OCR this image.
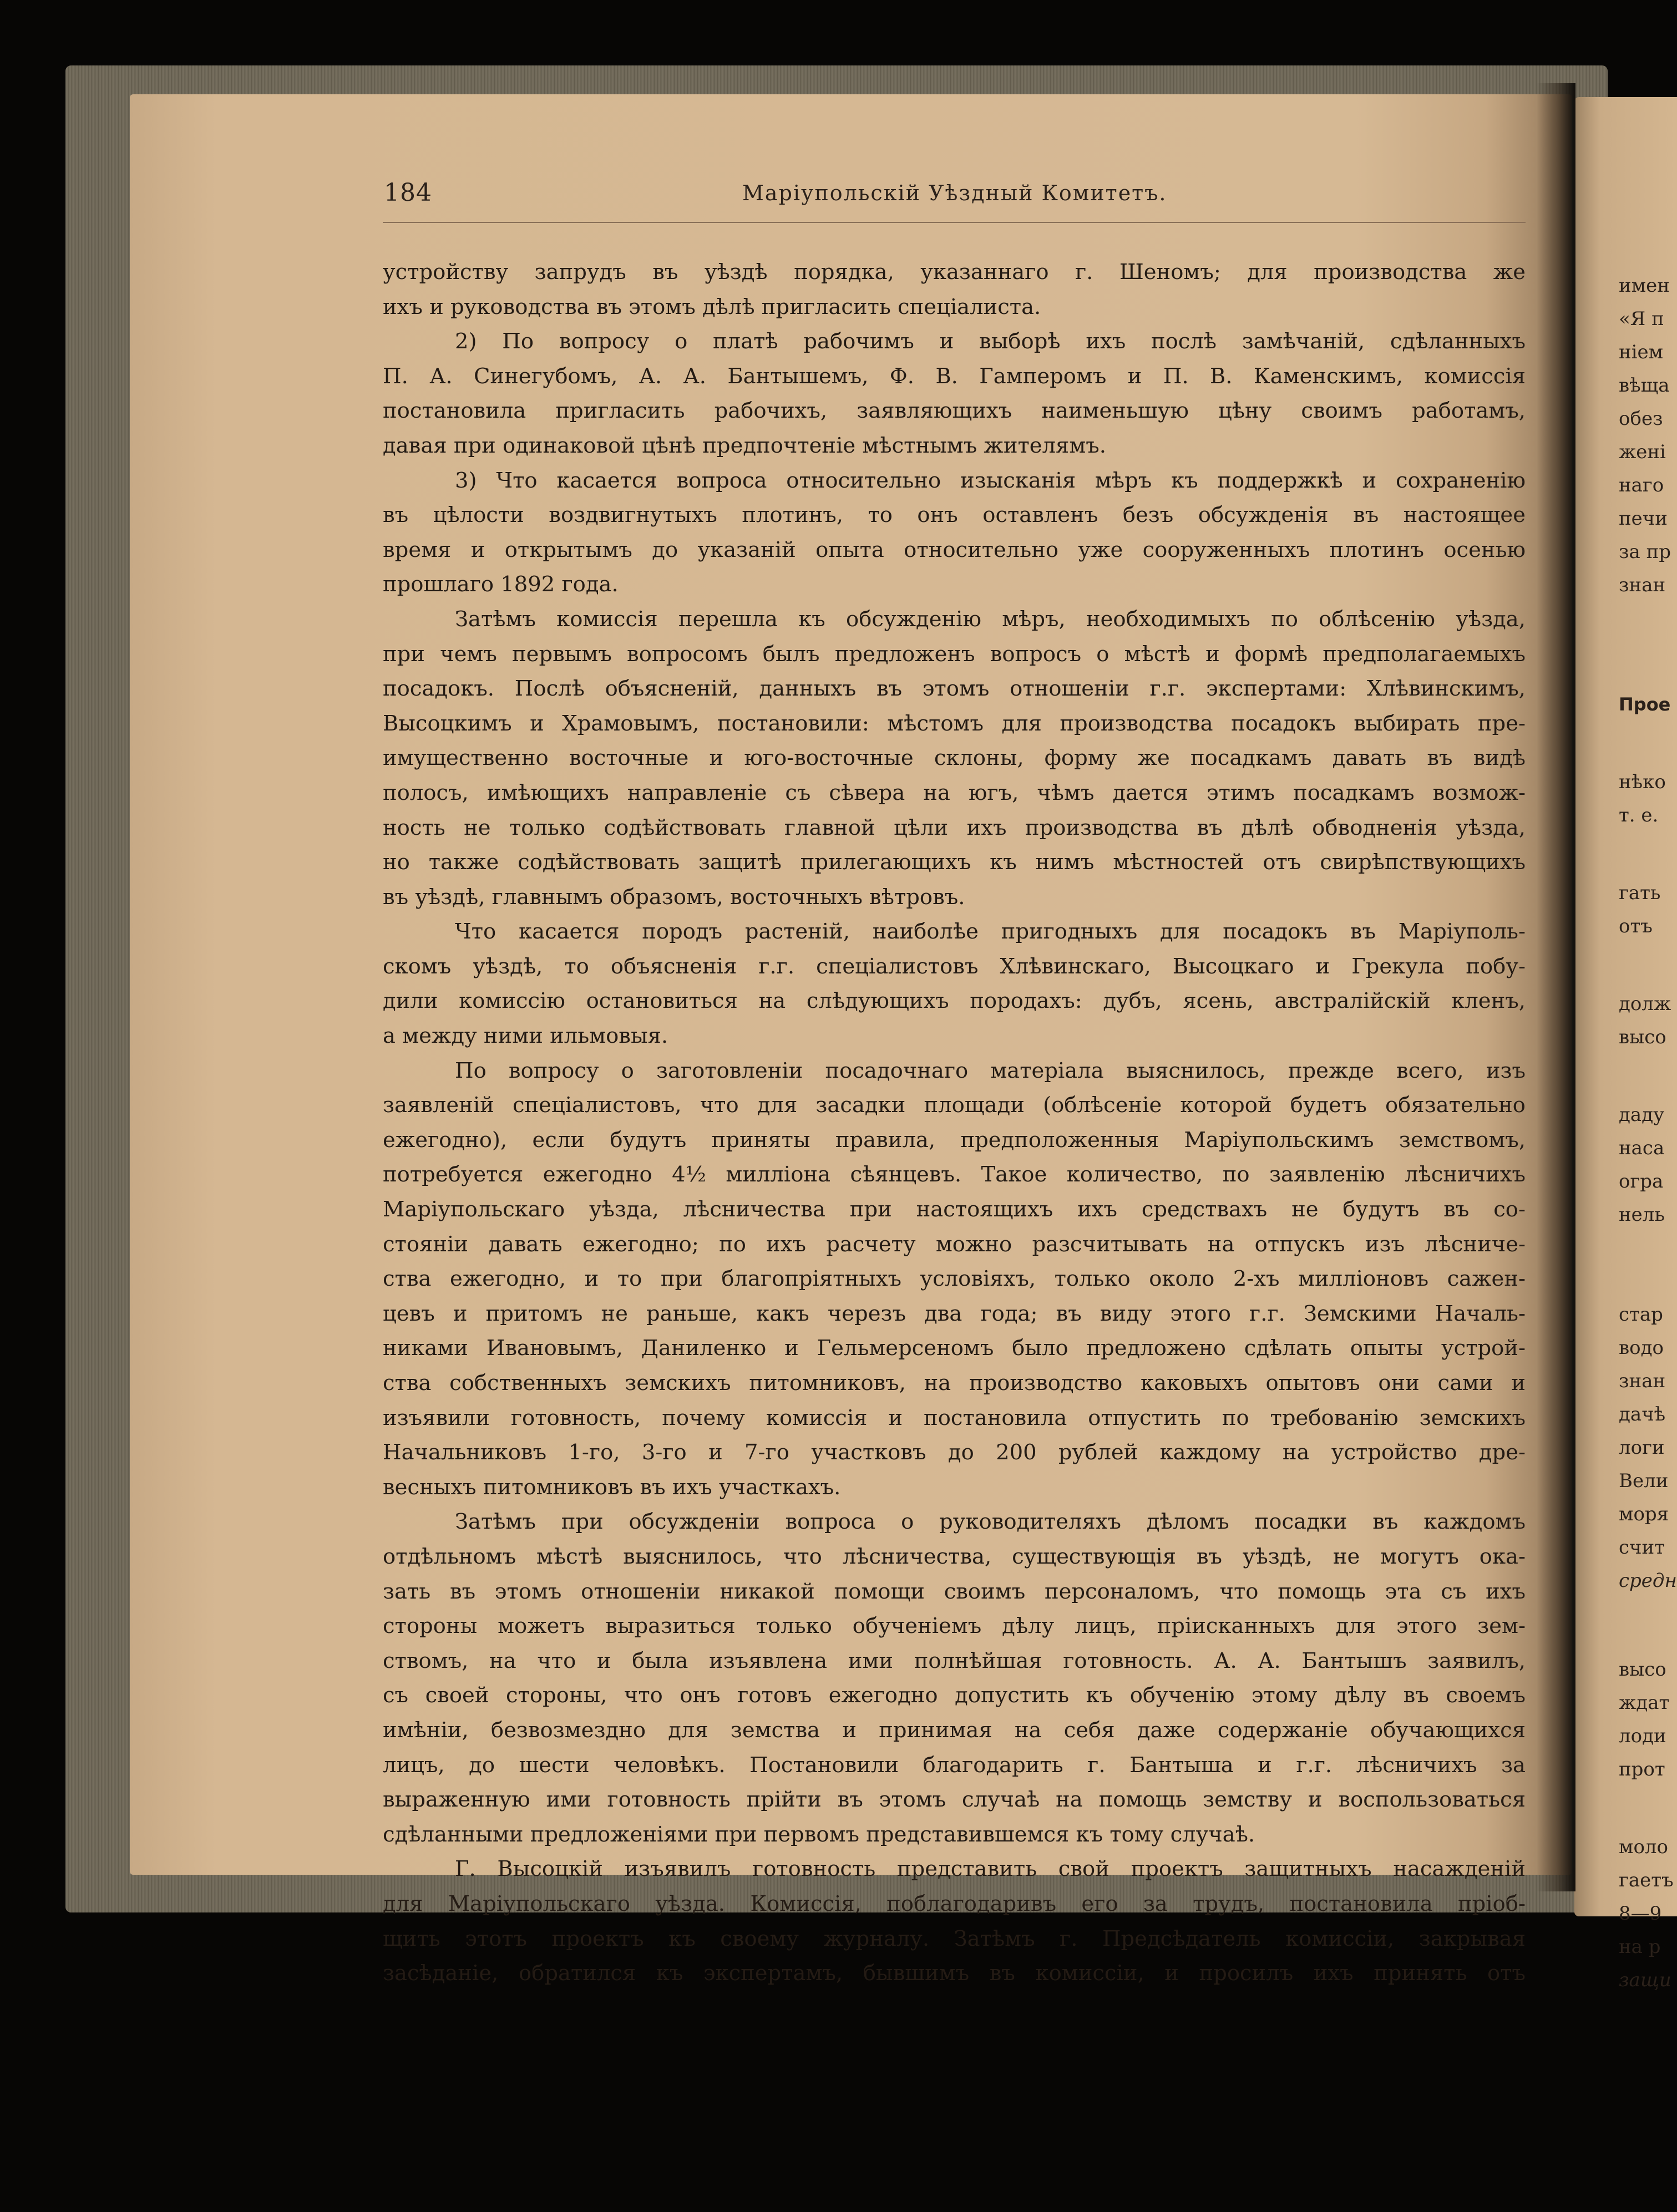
184	Маріупольскій Уѣздный Комитетъ.
устройству запрудъ въ уѣздѣ порядка, указаннаго г. Шеномъ; для производства же
ихъ и руководства въ этомъ дѣлѣ пригласить спеціалиста.
2) По вопросу о платѣ рабочимъ и выборѣ ихъ послѣ замѣчаній, сдѣланныхъ
П. А. Синегубомъ, А. А. Бантышемъ, Ф. В. Гамперомъ и П. В. Каменскимъ, комиссія
постановила пригласить рабочихъ, заявляющихъ наименьшую цѣну своимъ работамъ,
давая при одинаковой цѣнѣ предпочтеніе мѣстнымъ жителямъ.
3) Что касается вопроса относительно изысканія мѣръ къ поддержкѣ и сохраненію
въ цѣлости воздвигнутыхъ плотинъ, то онъ оставленъ безъ обсужденія въ настоящее
время и открытымъ до указаній опыта относительно уже сооруженныхъ плотинъ осенью
прошлаго 1892 года.
Затѣмъ комиссія перешла къ обсужденію мѣръ, необходимыхъ по облѣсенію уѣзда,
при чемъ первымъ вопросомъ былъ предложенъ вопросъ о мѣстѣ и формѣ предполагаемыхъ
посадокъ. Послѣ объясненій, данныхъ въ этомъ отношеніи г.г. экспертами: Хлѣвинскимъ,
Высоцкимъ и Храмовымъ, постановили: мѣстомъ для производства посадокъ выбирать пре-
имущественно восточные и юго-восточные склоны, форму же посадкамъ давать въ видѣ
полосъ, имѣющихъ направленіе съ сѣвера на югъ, чѣмъ дается этимъ посадкамъ возмож-
ность не только содѣйствовать главной цѣли ихъ производства въ дѣлѣ обводненія уѣзда,
но также содѣйствовать защитѣ прилегающихъ къ нимъ мѣстностей отъ свирѣпствующихъ
въ уѣздѣ, главнымъ образомъ, восточныхъ вѣтровъ.
Что касается породъ растеній, наиболѣе пригодныхъ для посадокъ въ Маріуполь-
скомъ уѣздѣ, то объясненія г.г. спеціалистовъ Хлѣвинскаго, Высоцкаго и Грекула побу-
дили комиссію остановиться на слѣдующихъ породахъ: дубъ, ясень, австралійскій кленъ,
а между ними ильмовыя.
По вопросу о заготовленіи посадочнаго матеріала выяснилось, прежде всего, изъ
заявленій спеціалистовъ, что для засадки площади (облѣсеніе которой будетъ обязательно
ежегодно), если будутъ приняты правила, предположенныя Маріупольскимъ земствомъ,
потребуется ежегодно 4½ милліона сѣянцевъ. Такое количество, по заявленію лѣсничихъ
Маріупольскаго уѣзда, лѣсничества при настоящихъ ихъ средствахъ не будутъ въ со-
стояніи давать ежегодно; по ихъ расчету можно разсчитывать на отпускъ изъ лѣсниче-
ства ежегодно, и то при благопріятныхъ условіяхъ, только около 2-хъ милліоновъ сажен-
цевъ и притомъ не раньше, какъ черезъ два года; въ виду этого г.г. Земскими Началь-
никами Ивановымъ, Даниленко и Гельмерсеномъ было предложено сдѣлать опыты устрой-
ства собственныхъ земскихъ питомниковъ, на производство каковыхъ опытовъ они сами и
изъявили готовность, почему комиссія и постановила отпустить по требованію земскихъ
Начальниковъ 1-го, 3-го и 7-го участковъ до 200 рублей каждому на устройство дре-
весныхъ питомниковъ въ ихъ участкахъ.
Затѣмъ при обсужденіи вопроса о руководителяхъ дѣломъ посадки въ каждомъ
отдѣльномъ мѣстѣ выяснилось, что лѣсничества, существующія въ уѣздѣ, не могутъ ока-
зать въ этомъ отношеніи никакой помощи своимъ персоналомъ, что помощь эта съ ихъ
стороны можетъ выразиться только обученіемъ дѣлу лицъ, пріисканныхъ для этого зем-
ствомъ, на что и была изъявлена ими полнѣйшая готовность. А. А. Бантышъ заявилъ,
съ своей стороны, что онъ готовъ ежегодно допустить къ обученію этому дѣлу въ своемъ
имѣніи, безвозмездно для земства и принимая на себя даже содержаніе обучающихся
лицъ, до шести человѣкъ. Постановили благодарить г. Бантыша и г.г. лѣсничихъ за
выраженную ими готовность прійти въ этомъ случаѣ на помощь земству и воспользоваться
сдѣланными предложеніями при первомъ представившемся къ тому случаѣ.
Г. Высоцкій изъявилъ готовность представить свой проектъ защитныхъ насажденій
для Маріупольскаго уѣзда. Комиссія, поблагодаривъ его за трудъ, постановила пріоб-
щить этотъ проектъ къ своему журналу. Затѣмъ г. Предсѣдатель комиссіи, закрывая
засѣданіе, обратился къ экспертамъ, бывшимъ въ комиссіи, и просилъ ихъ принять отъ
имен
«Я п
ніем
вѣща
обез
жені
наго
печи
за пр
знан
Прое
нѣко
т. е.
гать
отъ
долж
высо
даду
наса
огра
нель
стар
водо
знан
дачѣ
логи
Вели
моря
счит
средн
высо
ждат
лоди
прот
моло
гаетъ
8—9
на р
защи
